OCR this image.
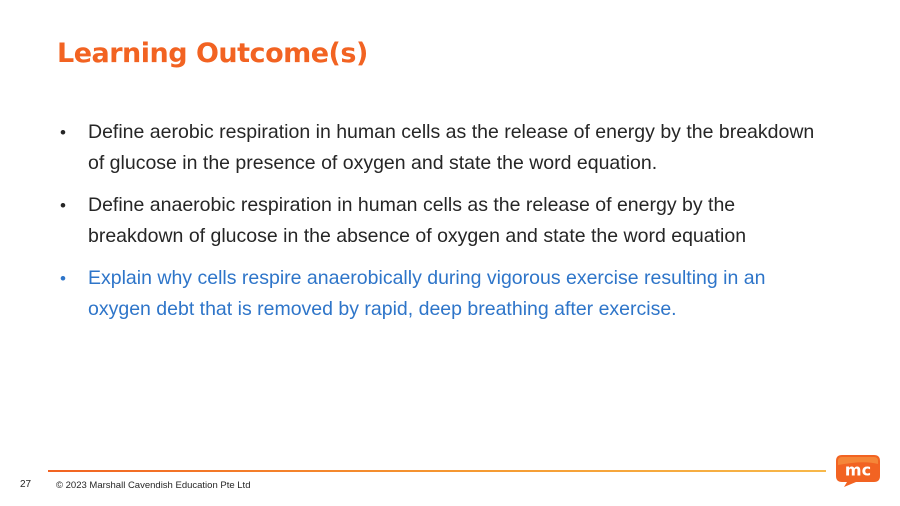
Learning Outcome(s)
• Define aerobic respiration in human cells as the release of energy by the breakdown of glucose in the presence of oxygen and state the word equation.
• Define anaerobic respiration in human cells as the release of energy by the breakdown of glucose in the absence of oxygen and state the word equation
• Explain why cells respire anaerobically during vigorous exercise resulting in an oxygen debt that is removed by rapid, deep breathing after exercise.
27	© 2023 Marshall Cavendish Education Pte Ltd
mc
